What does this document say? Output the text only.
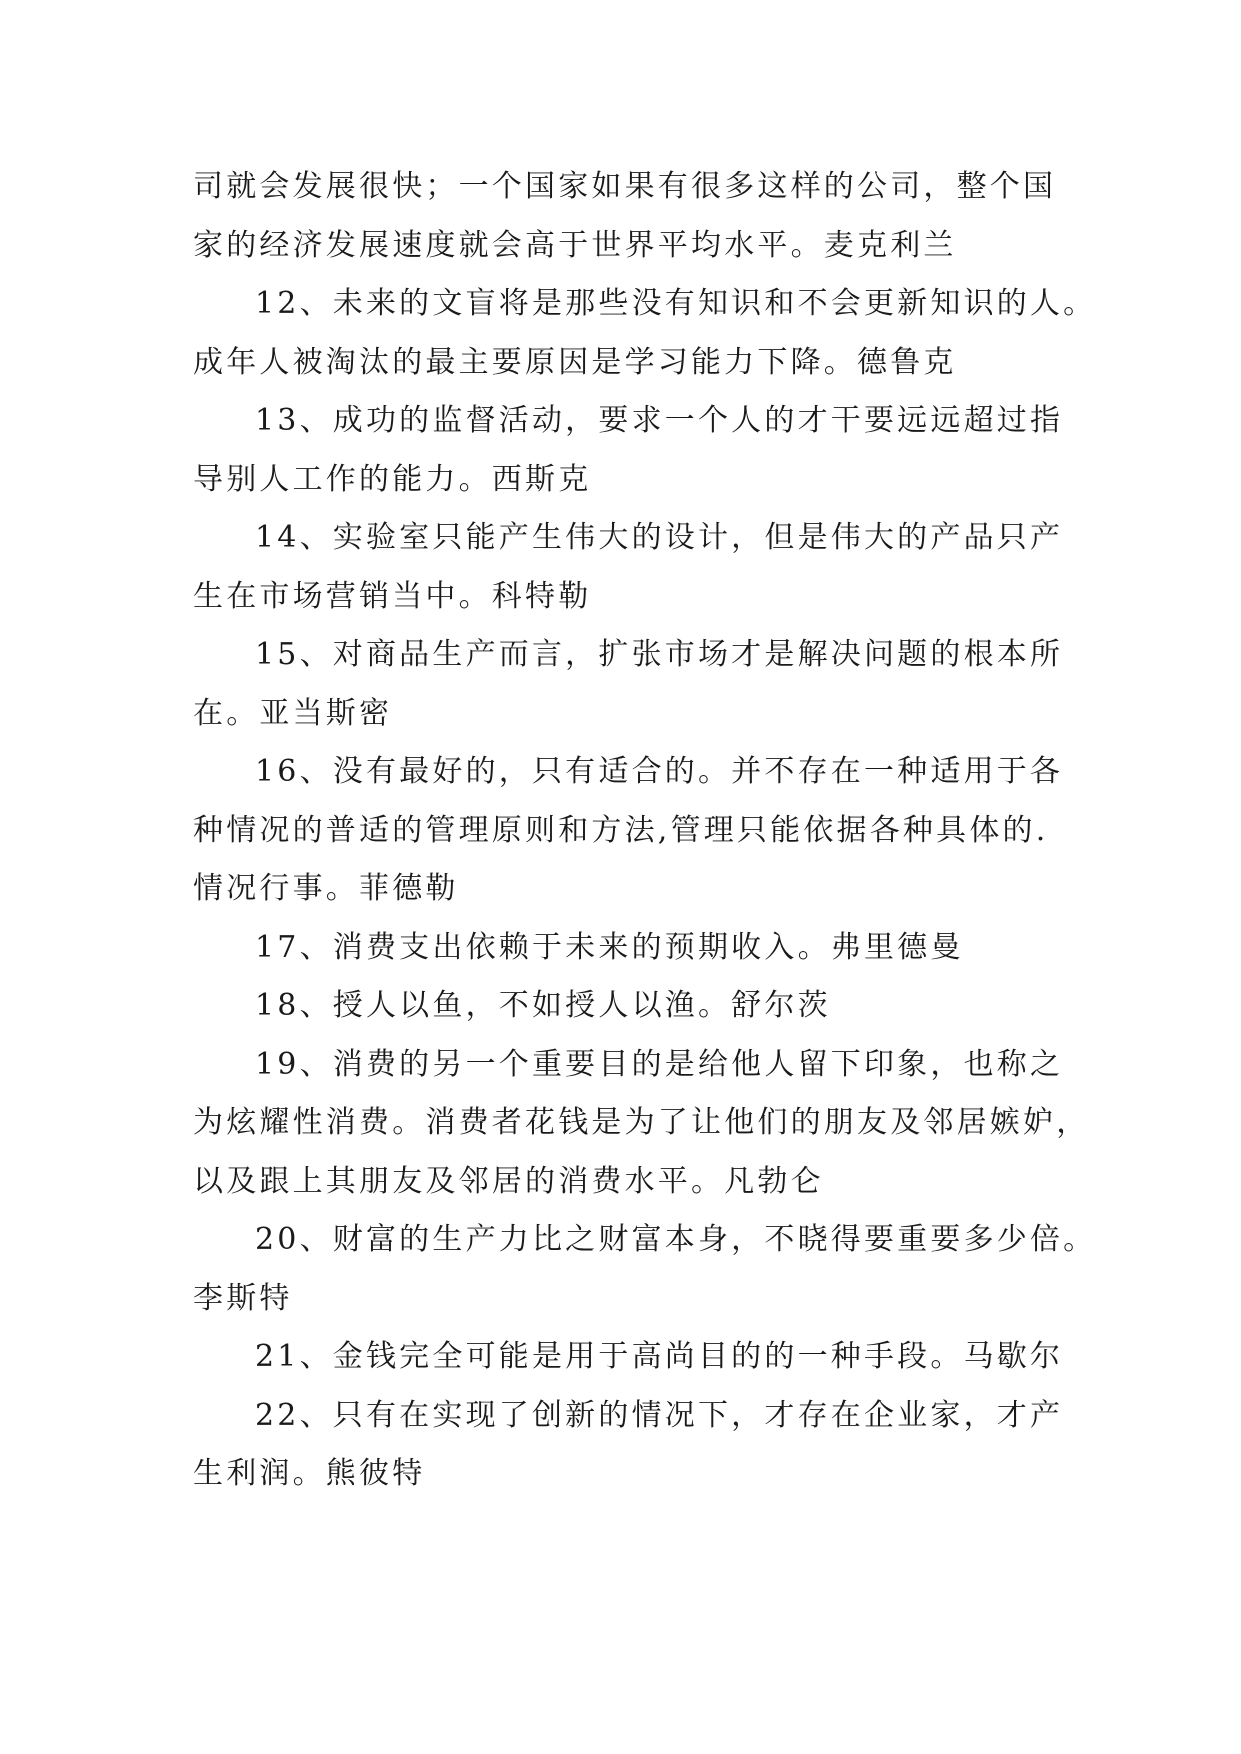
司就会发展很快；一个国家如果有很多这样的公司，整个国
家的经济发展速度就会高于世界平均水平。麦克利兰
12、未来的文盲将是那些没有知识和不会更新知识的人。
成年人被淘汰的最主要原因是学习能力下降。德鲁克
13、成功的监督活动，要求一个人的才干要远远超过指
导别人工作的能力。西斯克
14、实验室只能产生伟大的设计，但是伟大的产品只产
生在市场营销当中。科特勒
15、对商品生产而言，扩张市场才是解决问题的根本所
在。亚当斯密
16、没有最好的，只有适合的。并不存在一种适用于各
种情况的普适的管理原则和方法,管理只能依据各种具体的.
情况行事。菲德勒
17、消费支出依赖于未来的预期收入。弗里德曼
18、授人以鱼，不如授人以渔。舒尔茨
19、消费的另一个重要目的是给他人留下印象，也称之
为炫耀性消费。消费者花钱是为了让他们的朋友及邻居嫉妒，
以及跟上其朋友及邻居的消费水平。凡勃仑
20、财富的生产力比之财富本身，不晓得要重要多少倍。
李斯特
21、金钱完全可能是用于高尚目的的一种手段。马歇尔
22、只有在实现了创新的情况下，才存在企业家，才产
生利润。熊彼特
